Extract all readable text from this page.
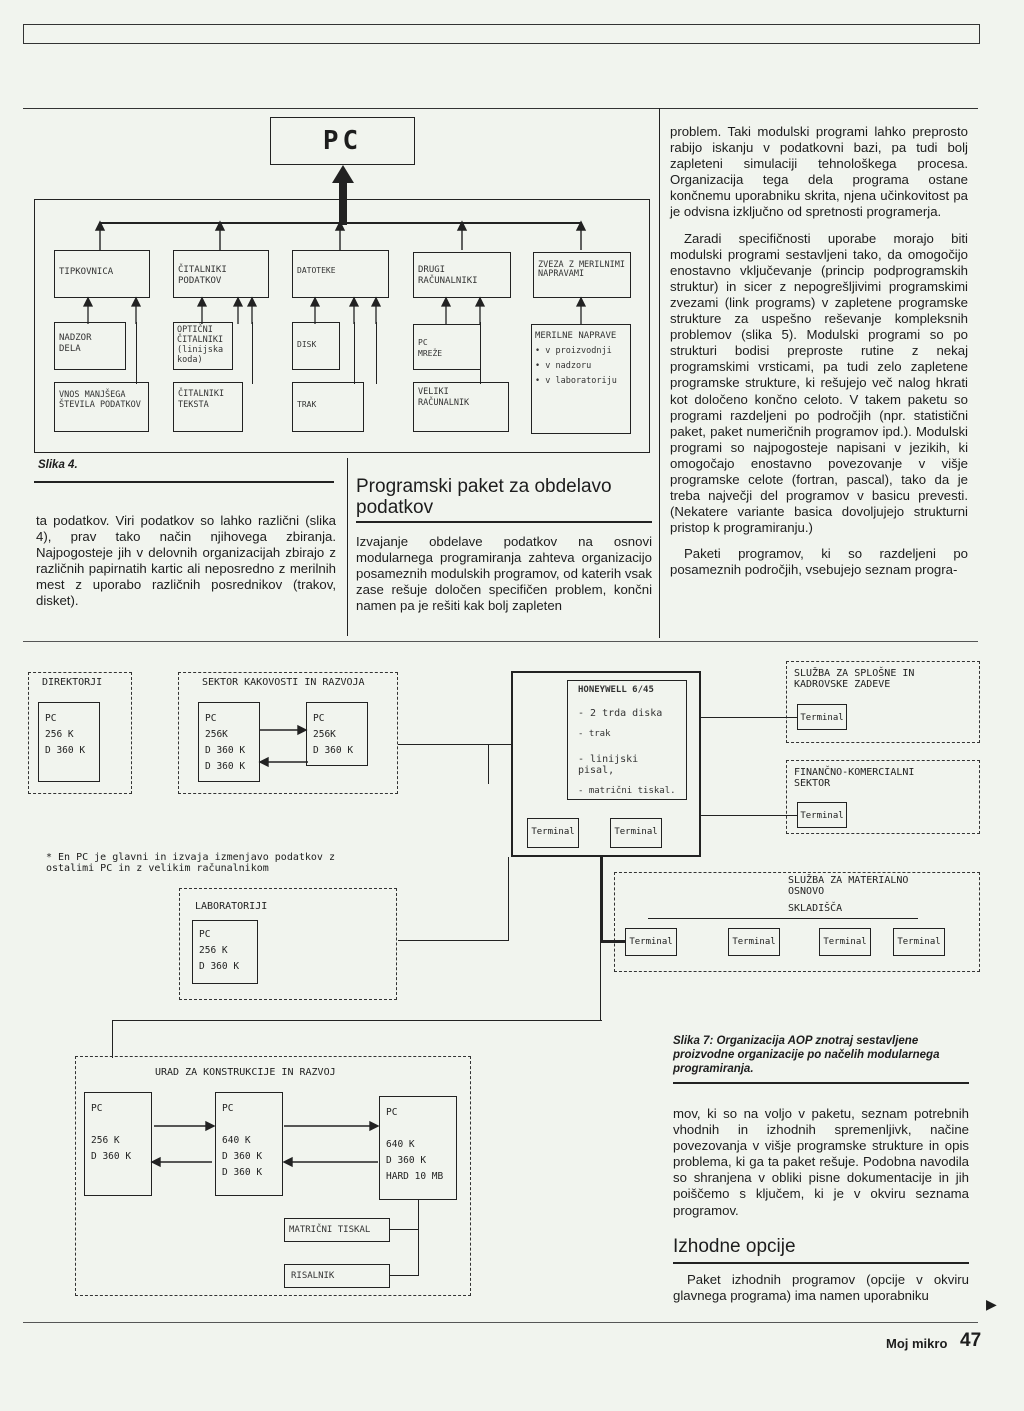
PC
TIPKOVNICA	ČITALNIKI PODATKOV
DATOTEKE	DRUGI RAČUNALNIKI
ZVEZA Z MERILNIMI NAPRAVAMI
NADZOR DELA
OPTIČNI ČITALNIKI (linijska koda)
DISK	PC MREŽE
MERILNE NAPRAVE
• v proizvodnji
• v nadzoru
• v laboratoriju
VNOS MANJŠEGA ŠTEVILA PODATKOV
ČITALNIKI TEKSTA	TRAK
VELIKI RAČUNALNIK
Slika 4.
ta podatkov. Viri podatkov so lahko različni (slika 4), prav tako način njihovega zbiranja. Najpogosteje jih v delovnih organizacijah zbirajo z različnih papirnatih kartic ali neposredno z merilnih mest z uporabo različnih posrednikov (trakov, disket).
Programski paket za obdelavo podatkov
Izvajanje obdelave podatkov na osnovi modularnega programiranja zahteva organizacijo posameznih modulskih programov, od katerih vsak zase rešuje določen specifičen problem, končni namen pa je rešiti kak bolj zapleten

problem. Taki modulski programi lahko preprosto rabijo iskanju v podatkovni bazi, pa tudi bolj zapleteni simulaciji tehnološkega procesa. Organizacija tega dela programa ostane končnemu uporabniku skrita, njena učinkovitost pa je odvisna izključno od spretnosti programerja.

Zaradi specifičnosti uporabe morajo biti modulski programi sestavljeni tako, da omogočijo enostavno vključevanje (princip podprogramskih struktur) in sicer z nepogrešljivimi programskimi zvezami (link programs) v zapletene programske strukture za uspešno reševanje kompleksnih problemov (slika 5). Modulski programi so po strukturi bodisi preproste rutine z nekaj programskimi vrsticami, pa tudi zelo zapletene programske strukture, ki rešujejo več nalog hkrati kot določeno končno celoto. V takem paketu so programi razdeljeni po področjih (npr. statistični paket, paket numeričnih programov ipd.). Modulski programi so najpogosteje napisani v jezikih, ki omogočajo enostavno povezovanje v višje programske celote (fortran, pascal), tako da je treba največji del programov v basicu prevesti. (Nekatere variante basica dovoljujejo strukturni pristop k programiranju.)

Paketi programov, ki so razdeljeni po posameznih področjih, vsebujejo seznam progra-

DIREKTORJI
PC
256 K
D 360 K
SEKTOR KAKOVOSTI IN RAZVOJA
PC
256K
D 360 K
D 360 K
PC
256K
D 360 K
HONEYWELL 6/45
- 2 trda diska
- trak
- linijski pisal,
- matrični tiskal.
Terminal	Terminal
SLUŽBA ZA SPLOŠNE IN KADROVSKE ZADEVE
Terminal
FINANČNO-KOMERCIALNI SEKTOR
Terminal
SLUŽBA ZA MATERIALNO OSNOVO
SKLADIŠČA
Terminal	Terminal	Terminal	Terminal
* En PC je glavni in izvaja izmenjavo podatkov z ostalimi PC in z velikim računalnikom
LABORATORIJI
PC
256 K
D 360 K
URAD ZA KONSTRUKCIJE IN RAZVOJ
PC

256 K
D 360 K
PC

640 K
D 360 K
D 360 K
PC

640 K
D 360 K
HARD 10 MB
MATRIČNI TISKAL
RISALNIK
Slika 7: Organizacija AOP znotraj sestavljene proizvodne organizacije po načelih modularnega programiranja.
mov, ki so na voljo v paketu, seznam potrebnih vhodnih in izhodnih spremenljivk, načine povezovanja v višje programske strukture in opis problema, ki ga ta paket rešuje. Podobna navodila so shranjena v obliki pisne dokumentacije in jih poiščemo s ključem, ki je v okviru seznama programov.
Izhodne opcije
Paket izhodnih programov (opcije v okviru glavnega programa) ima namen uporabniku
▶
Moj mikro 47
